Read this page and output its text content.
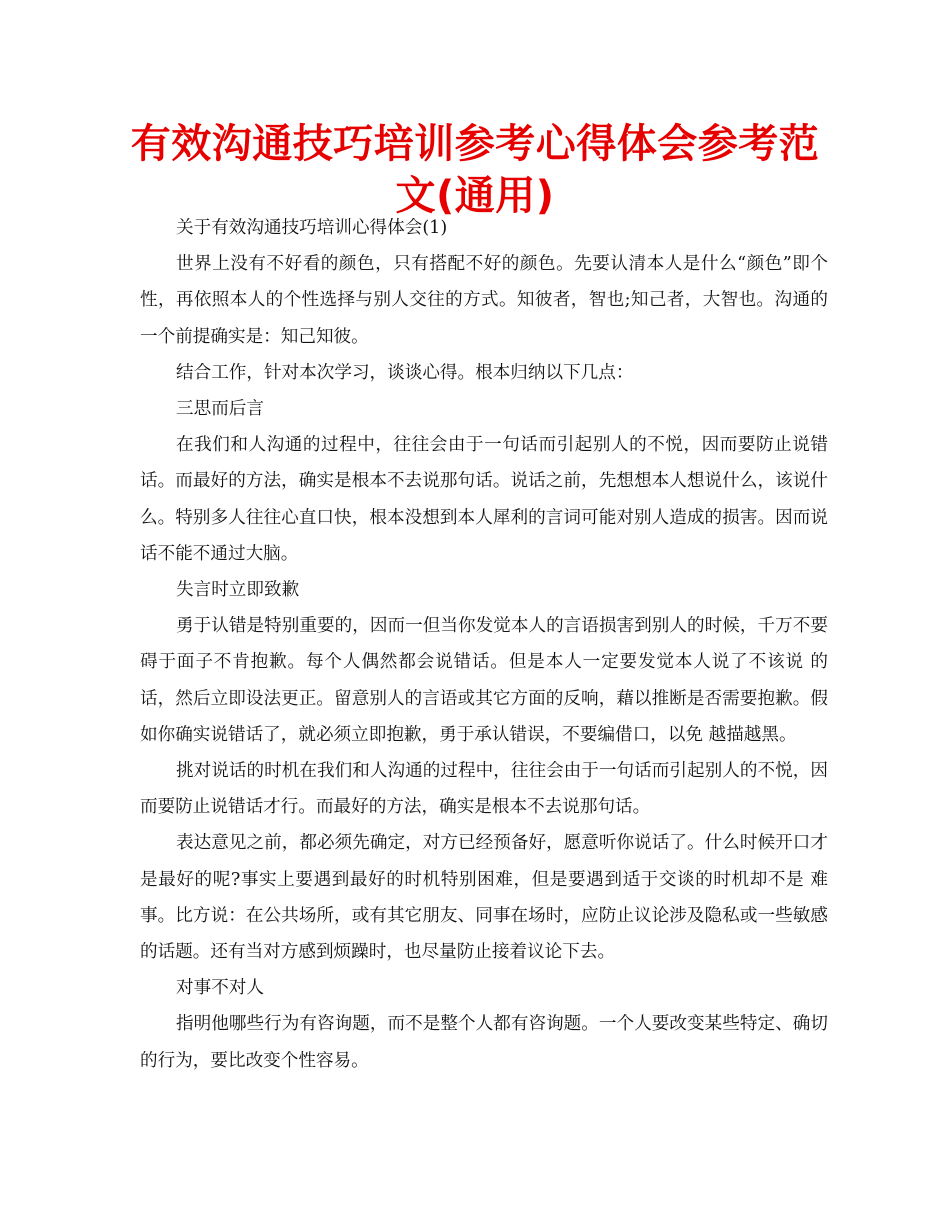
有效沟通技巧培训参考心得体会参考范文(通用)

关于有效沟通技巧培训心得体会(1)

世界上没有不好看的颜色，只有搭配不好的颜色。先要认清本人是什么“颜色”即个性，再依照本人的个性选择与别人交往的方式。知彼者，智也;知己者，大智也。沟通的一个前提确实是：知己知彼。

结合工作，针对本次学习，谈谈心得。根本归纳以下几点：

三思而后言

在我们和人沟通的过程中，往往会由于一句话而引起别人的不悦，因而要防止说错话。而最好的方法，确实是根本不去说那句话。说话之前，先想想本人想说什么，该说什么。特别多人往往心直口快，根本没想到本人犀利的言词可能对别人造成的损害。因而说话不能不通过大脑。

失言时立即致歉

勇于认错是特别重要的，因而一但当你发觉本人的言语损害到别人的时候，千万不要碍于面子不肯抱歉。每个人偶然都会说错话。但是本人一定要发觉本人说了不该说 的话，然后立即设法更正。留意别人的言语或其它方面的反响，藉以推断是否需要抱歉。假如你确实说错话了，就必须立即抱歉，勇于承认错误，不要编借口，以免 越描越黑。

挑对说话的时机在我们和人沟通的过程中，往往会由于一句话而引起别人的不悦，因而要防止说错话才行。而最好的方法，确实是根本不去说那句话。

表达意见之前，都必须先确定，对方已经预备好，愿意听你说话了。什么时候开口才是最好的呢?事实上要遇到最好的时机特别困难，但是要遇到适于交谈的时机却不是 难事。比方说：在公共场所，或有其它朋友、同事在场时，应防止议论涉及隐私或一些敏感的话题。还有当对方感到烦躁时，也尽量防止接着议论下去。

对事不对人

指明他哪些行为有咨询题，而不是整个人都有咨询题。一个人要改变某些特定、确切的行为，要比改变个性容易。
